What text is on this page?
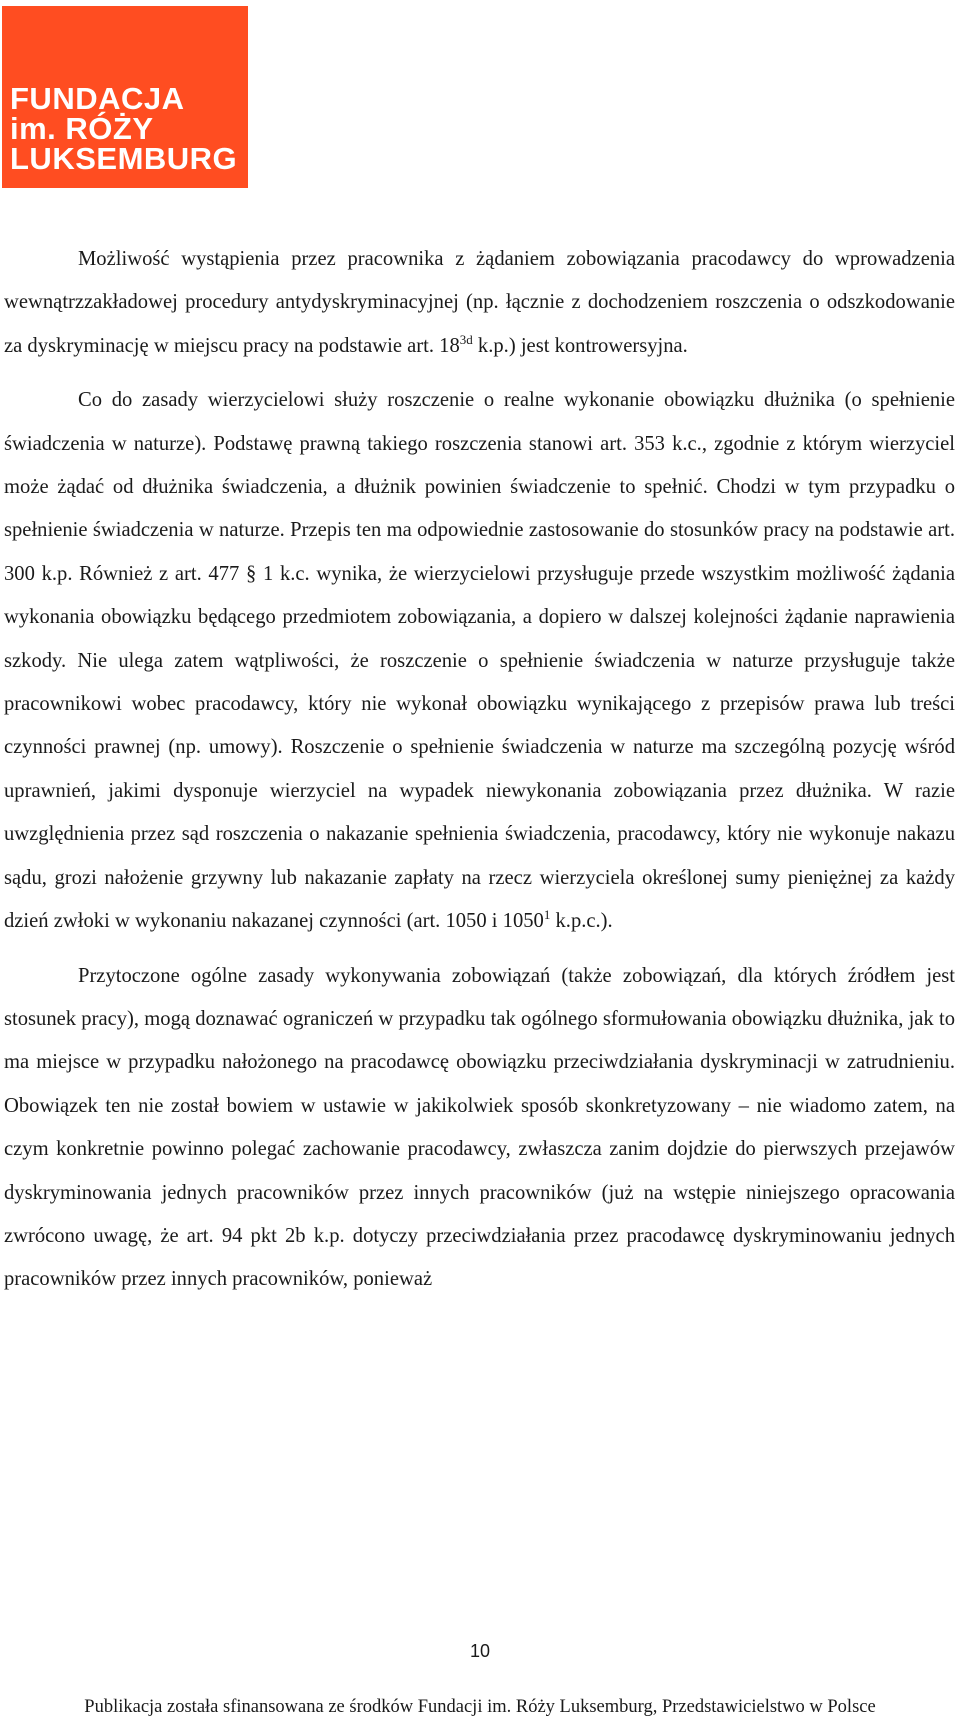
FUNDACJA
im. RÓŻY
LUKSEMBURG

Możliwość wystąpienia przez pracownika z żądaniem zobowiązania pracodawcy do wprowadzenia wewnątrzzakładowej procedury antydyskryminacyjnej (np. łącznie z dochodzeniem roszczenia o odszkodowanie za dyskryminację w miejscu pracy na podstawie art. $18^{3d}$ k.p.) jest kontrowersyjna.

Co do zasady wierzycielowi służy roszczenie o realne wykonanie obowiązku dłużnika (o spełnienie świadczenia w naturze). Podstawę prawną takiego roszczenia stanowi art. 353 k.c., zgodnie z którym wierzyciel może żądać od dłużnika świadczenia, a dłużnik powinien świadczenie to spełnić. Chodzi w tym przypadku o spełnienie świadczenia w naturze. Przepis ten ma odpowiednie zastosowanie do stosunków pracy na podstawie art. 300 k.p. Również z art. 477 § 1 k.c. wynika, że wierzycielowi przysługuje przede wszystkim możliwość żądania wykonania obowiązku będącego przedmiotem zobowiązania, a dopiero w dalszej kolejności żądanie naprawienia szkody. Nie ulega zatem wątpliwości, że roszczenie o spełnienie świadczenia w naturze przysługuje także pracownikowi wobec pracodawcy, który nie wykonał obowiązku wynikającego z przepisów prawa lub treści czynności prawnej (np. umowy). Roszczenie o spełnienie świadczenia w naturze ma szczególną pozycję wśród uprawnień, jakimi dysponuje wierzyciel na wypadek niewykonania zobowiązania przez dłużnika. W razie uwzględnienia przez sąd roszczenia o nakazanie spełnienia świadczenia, pracodawcy, który nie wykonuje nakazu sądu, grozi nałożenie grzywny lub nakazanie zapłaty na rzecz wierzyciela określonej sumy pieniężnej za każdy dzień zwłoki w wykonaniu nakazanej czynności (art. 1050 i 1050$^1$ k.p.c.).

Przytoczone ogólne zasady wykonywania zobowiązań (także zobowiązań, dla których źródłem jest stosunek pracy), mogą doznawać ograniczeń w przypadku tak ogólnego sformułowania obowiązku dłużnika, jak to ma miejsce w przypadku nałożonego na pracodawcę obowiązku przeciwdziałania dyskryminacji w zatrudnieniu. Obowiązek ten nie został bowiem w ustawie w jakikolwiek sposób skonkretyzowany – nie wiadomo zatem, na czym konkretnie powinno polegać zachowanie pracodawcy, zwłaszcza zanim dojdzie do pierwszych przejawów dyskryminowania jednych pracowników przez innych pracowników (już na wstępie niniejszego opracowania zwrócono uwagę, że art. 94 pkt 2b k.p. dotyczy przeciwdziałania przez pracodawcę dyskryminowaniu jednych pracowników przez innych pracowników, ponieważ

10
Publikacja została sfinansowana ze środków Fundacji im. Róży Luksemburg, Przedstawicielstwo w Polsce
